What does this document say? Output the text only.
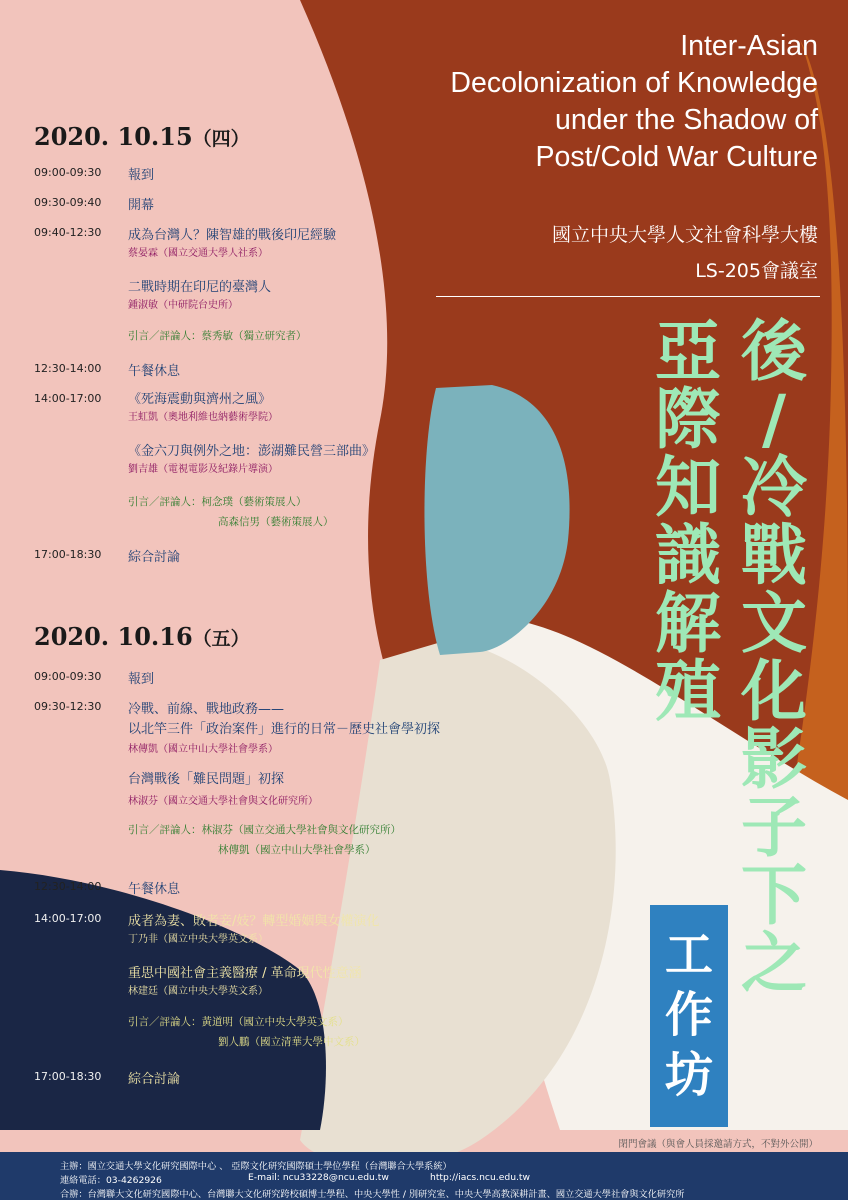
Inter-Asian
Decolonization of Knowledge
under the Shadow of
Post/Cold War Culture
國立中央大學人文社會科學大樓
LS-205會議室
後
/
冷
戰
文
化
影
子
下
之
亞
際
知
識
解
殖
工
作
坊
閉門會議（與會人員採邀請方式，不對外公開）
2020. 10.15（四）
09:00-09:30 報到
09:30-09:40 開幕
09:40-12:30 成為台灣人？陳智雄的戰後印尼經驗
蔡晏霖（國立交通大學人社系）
二戰時期在印尼的臺灣人
鍾淑敏（中研院台史所）
引言／評論人：蔡秀敏（獨立研究者）
12:30-14:00 午餐休息
14:00-17:00 《死海震動與濟州之風》
王虹凱（奧地利維也納藝術學院）
《金六刀與例外之地：澎湖難民營三部曲》
劉吉雄（電視電影及紀錄片導演）
引言／評論人：柯念璞（藝術策展人）
高森信男（藝術策展人）
17:00-18:30 綜合討論
2020. 10.16（五）
09:00-09:30 報到
09:30-12:30 冷戰、前線、戰地政務——
以北竿三件「政治案件」進行的日常－歷史社會學初探
林傳凱（國立中山大學社會學系）
台灣戰後「難民問題」初探
林淑芬（國立交通大學社會與文化研究所）
引言／評論人：林淑芬（國立交通大學社會與文化研究所）
林傳凱（國立中山大學社會學系）
12:30-14:00 午餐休息
14:00-17:00 成者為妻、敗者妾/妓？轉型婚姻與女權演化
丁乃非（國立中央大學英文系）
重思中國社會主義醫療 / 革命現代性意涵
林建廷（國立中央大學英文系）
引言／評論人：黃道明（國立中央大學英文系）
劉人鵬（國立清華大學中文系）
17:00-18:30 綜合討論
主辦：國立交通大學文化研究國際中心 、 亞際文化研究國際碩士學位學程（台灣聯合大學系統）
連絡電話：03-4262926	E-mail: ncu33228@ncu.edu.tw	http://iacs.ncu.edu.tw
合辦：台灣聯大文化研究國際中心、台灣聯大文化研究跨校碩博士學程、中央大學性 / 別研究室、中央大學高教深耕計畫、國立交通大學社會與文化研究所
